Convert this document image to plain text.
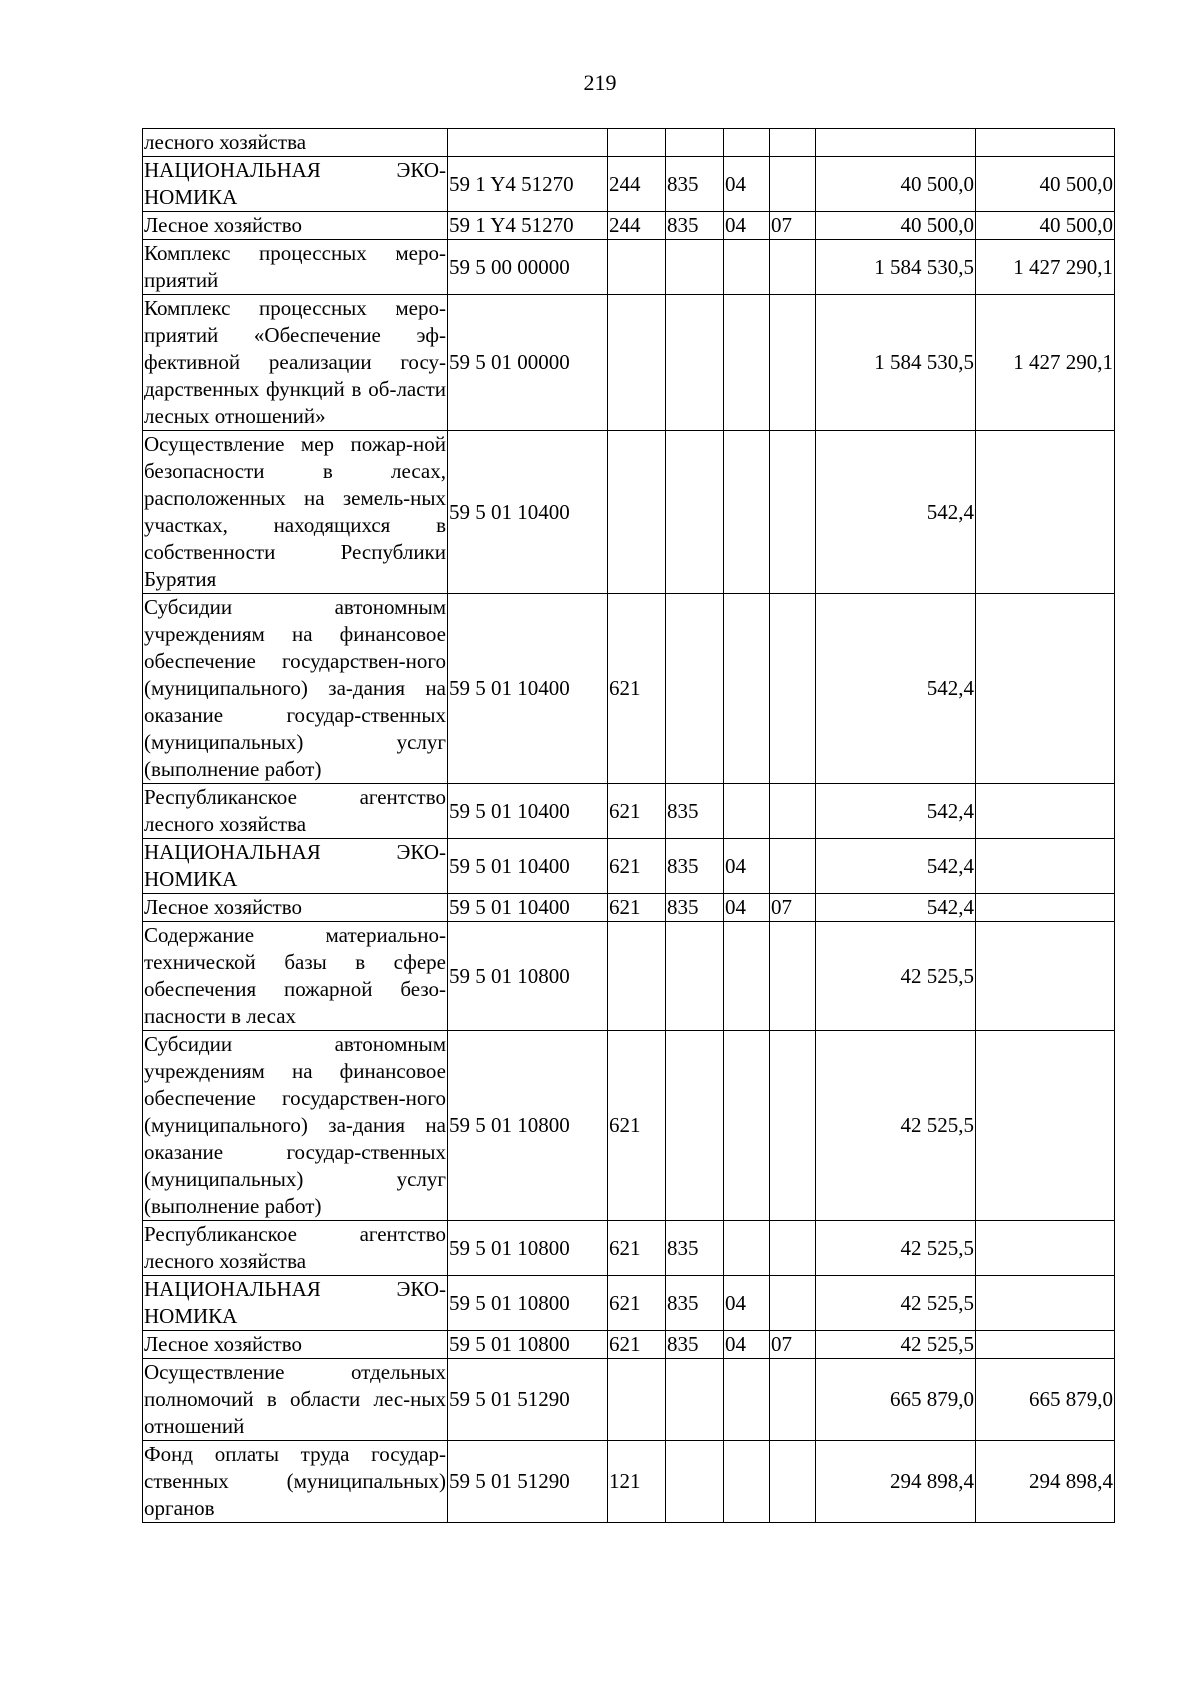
219
лесного хозяйства							
НАЦИОНАЛЬНАЯ ЭКО-НОМИКА	59 1 Y4 51270	244	835	04		40 500,0	40 500,0
Лесное хозяйство	59 1 Y4 51270	244	835	04	07	40 500,0	40 500,0
Комплекс процессных меро-приятий	59 5 00 00000					1 584 530,5	1 427 290,1
Комплекс процессных меро-приятий «Обеспечение эф-фективной реализации госу-дарственных функций в об-ласти лесных отношений»	59 5 01 00000					1 584 530,5	1 427 290,1
Осуществление мер пожар-ной безопасности в лесах, расположенных на земель-ных участках, находящихся в собственности Республики Бурятия	59 5 01 10400					542,4	
Субсидии автономным учреждениям на финансовое обеспечение государствен-ного (муниципального) за-дания на оказание государ-ственных (муниципальных) услуг (выполнение работ)	59 5 01 10400	621				542,4	
Республиканское агентство лесного хозяйства	59 5 01 10400	621	835			542,4	
НАЦИОНАЛЬНАЯ ЭКО-НОМИКА	59 5 01 10400	621	835	04		542,4	
Лесное хозяйство	59 5 01 10400	621	835	04	07	542,4	
Содержание материально-технической базы в сфере обеспечения пожарной безо-пасности в лесах	59 5 01 10800					42 525,5	
Субсидии автономным учреждениям на финансовое обеспечение государствен-ного (муниципального) за-дания на оказание государ-ственных (муниципальных) услуг (выполнение работ)	59 5 01 10800	621				42 525,5	
Республиканское агентство лесного хозяйства	59 5 01 10800	621	835			42 525,5	
НАЦИОНАЛЬНАЯ ЭКО-НОМИКА	59 5 01 10800	621	835	04		42 525,5	
Лесное хозяйство	59 5 01 10800	621	835	04	07	42 525,5	
Осуществление отдельных полномочий в области лес-ных отношений	59 5 01 51290					665 879,0	665 879,0
Фонд оплаты труда государ-ственных (муниципальных) органов	59 5 01 51290	121				294 898,4	294 898,4
